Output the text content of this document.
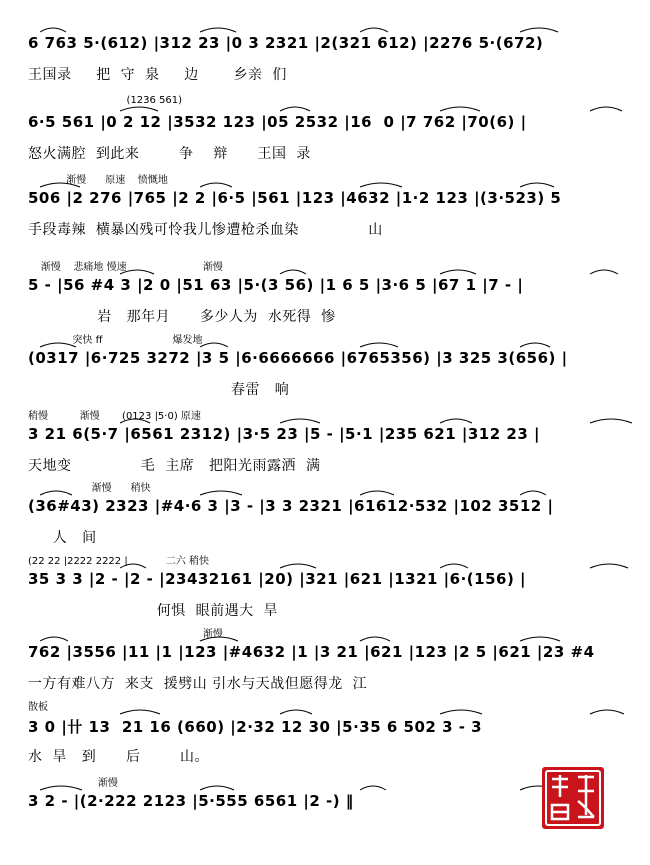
6 763 5·(612) |312 23 |0 3 2321 |2(321 612) |2276 5·(672)
王国录     把  守  泉     边       乡亲  们
(1236 561)
6·5 561 |0 2 12 |3532 123 |05 2532 |16  0 |7 762 |70(6) |
怒火满腔  到此来        争    辩      王国  录
渐慢      原速    愤慨地
506 |2 276 |765 |2 2 |6·5 |561 |123 |4632 |1·2 123 |(3·523) 5
手段毒辣  横暴凶残可怜我儿惨遭枪杀血染              山
渐慢    悲痛地 慢速                        渐慢
5 - |56 #4 3 |2 0 |51 63 |5·(3 56) |1 6 5 |3·6 5 |67 1 |7 - |
岩   那年月      多少人为  水死得  惨
突快 ff                      爆发地
(0317 |6·725 3272 |3 5 |6·6666666 |6765356) |3 325 3(656) |
春雷   响
稍慢          渐慢       (0123 |5·0) 原速
3 21 6(5·7 |6561 2312) |3·5 23 |5 - |5·1 |235 621 |312 23 |
天地变              毛  主席   把阳光雨露洒  满
渐慢      稍快
(36#43) 2323 |#4·6 3 |3 - |3 3 2321 |61612·532 |102 3512 |
人   间
(22 22 |2222 2222 |            二六 稍快
35 3 3 |2 - |2 - |23432161 |20) |321 |621 |1321 |6·(156) |
何惧  眼前遇大  旱
渐慢
762 |3556 |11 |1 |123 |#4632 |1 |3 21 |621 |123 |2 5 |621 |23 #4
一方有难八方  来支  援劈山 引水与天战但愿得龙  江
散板
3 0 |卄 13  21 16 (660) |2·32 12 30 |5·35 6 502 3 - 3
水  旱   到      后        山。
渐慢
3 2 - |(2·222 2123 |5·555 6561 |2 -) ‖
